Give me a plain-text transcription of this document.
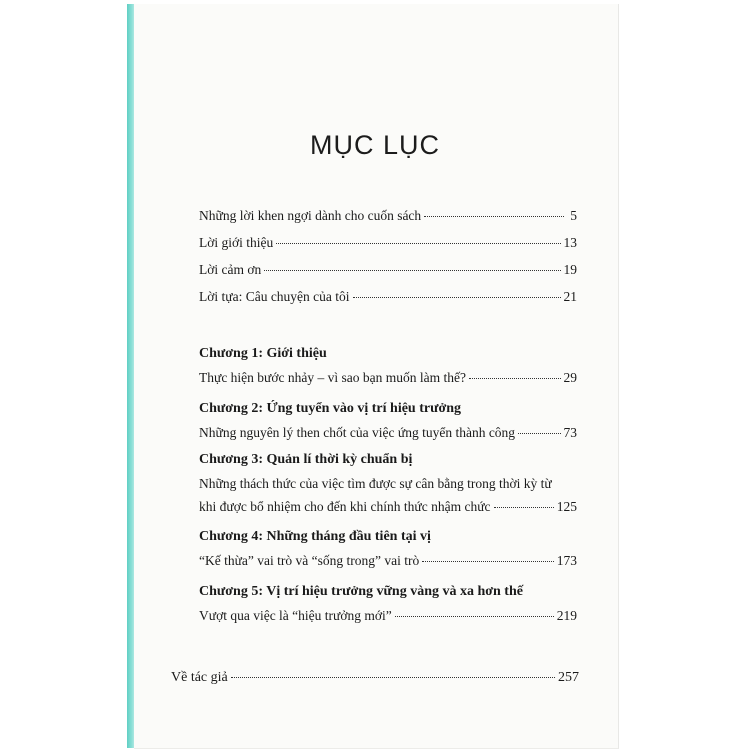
MỤC LỤC
Những lời khen ngợi dành cho cuốn sách	5
Lời giới thiệu	13
Lời cảm ơn	19
Lời tựa: Câu chuyện của tôi	21
Chương 1: Giới thiệu
Thực hiện bước nhảy – vì sao bạn muốn làm thế?	29
Chương 2: Ứng tuyển vào vị trí hiệu trưởng
Những nguyên lý then chốt của việc ứng tuyển thành công	73
Chương 3: Quản lí thời kỳ chuẩn bị
Những thách thức của việc tìm được sự cân bằng trong thời kỳ từ
khi được bổ nhiệm cho đến khi chính thức nhậm chức	125
Chương 4: Những tháng đầu tiên tại vị
“Kế thừa” vai trò và “sống trong” vai trò	173
Chương 5: Vị trí hiệu trưởng vững vàng và xa hơn thế
Vượt qua việc là “hiệu trưởng mới”	219
Về tác giả	257
